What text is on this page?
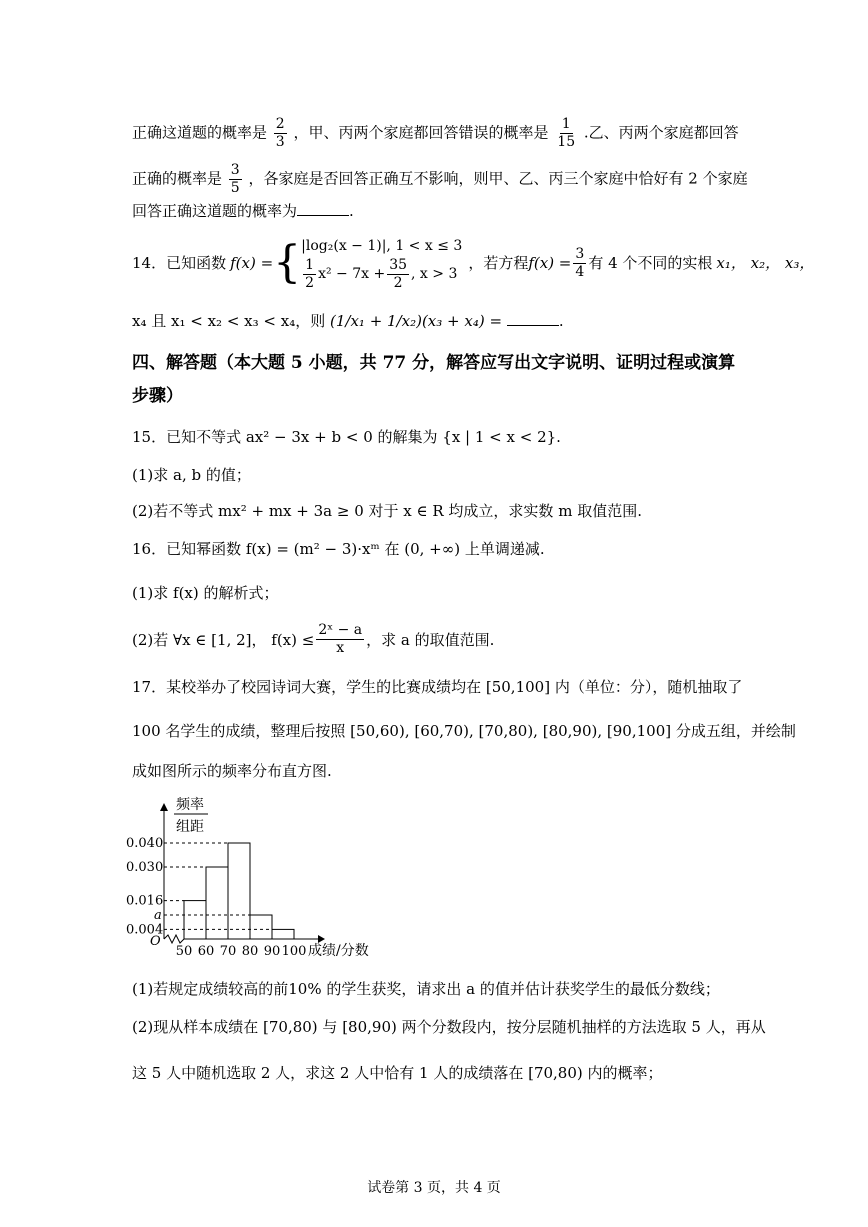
正确这道题的概率是 $\frac{2}{3}$ ，甲、丙两个家庭都回答错误的概率是 $\frac{1}{15}$ .乙、丙两个家庭都回答
正确的概率是 $\frac{3}{5}$ ，各家庭是否回答正确互不影响，则甲、乙、丙三个家庭中恰好有 2 个家庭
回答正确这道题的概率为	.
14．已知函数 f(x) = { |log₂(x − 1)|, 1 < x ≤ 3
$\frac{1}{2} x^2 - 7x + \frac{35}{2}$ , x > 3
，若方程 $f(x) = \frac{3}{4}$ 有 4 个不同的实根 x₁， x₂， x₃，
x₄ 且 x₁ < x₂ < x₃ < x₄，则 (1/x₁ + 1/x₂)(x₃ + x₄) =	.
四、解答题（本大题 5 小题，共 77 分，解答应写出文字说明、证明过程或演算
步骤）
15．已知不等式 ax² − 3x + b < 0 的解集为 {x | 1 < x < 2}.
(1)求 a, b 的值；
(2)若不等式 mx² + mx + 3a ≥ 0 对于 x ∈ R 均成立，求实数 m 取值范围.
16．已知幂函数 f(x) = (m² − 3)·xᵐ 在 (0, +∞) 上单调递减.
(1)求 f(x) 的解析式；
(2)若 ∀x ∈ [1, 2]， $f(x) \le \frac{\text{2ˣ − a}}{x}$ ，求 a 的取值范围.
17．某校举办了校园诗词大赛，学生的比赛成绩均在 [50,100] 内（单位：分），随机抽取了
100 名学生的成绩，整理后按照 [50,60), [60,70), [70,80), [80,90), [90,100] 分成五组，并绘制
成如图所示的频率分布直方图.
O
频率
组距
0.040
0.030
0.016
a
0.004
50 60 70 80 90 100 成绩/分数
(1)若规定成绩较高的前10% 的学生获奖，请求出 a 的值并估计获奖学生的最低分数线；
(2)现从样本成绩在 [70,80) 与 [80,90) 两个分数段内，按分层随机抽样的方法选取 5 人，再从
这 5 人中随机选取 2 人，求这 2 人中恰有 1 人的成绩落在 [70,80) 内的概率；
试卷第 3 页，共 4 页
